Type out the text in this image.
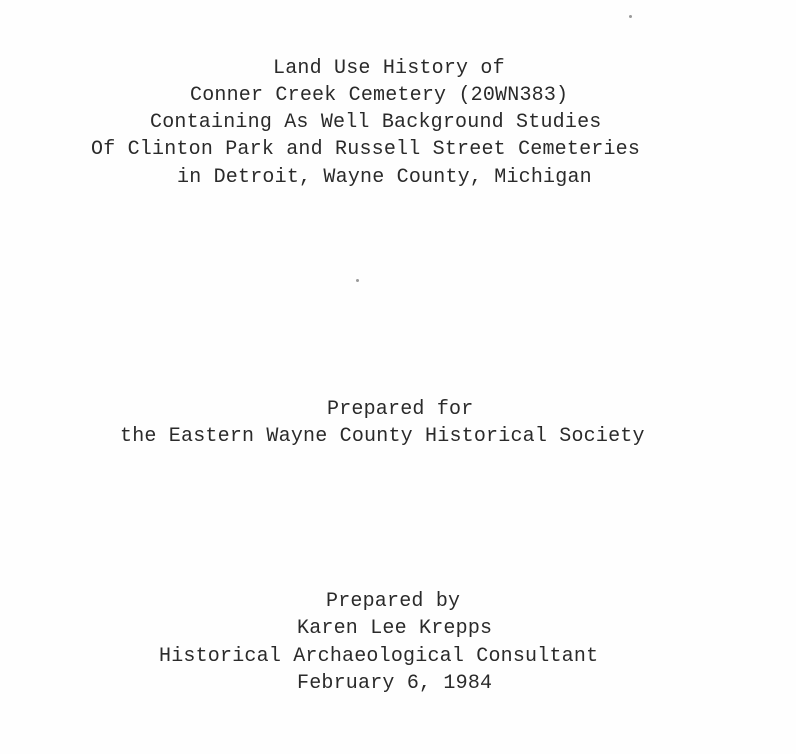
Land Use History of
Conner Creek Cemetery (20WN383)
Containing As Well Background Studies
Of Clinton Park and Russell Street Cemeteries
in Detroit, Wayne County, Michigan
Prepared for
the Eastern Wayne County Historical Society
Prepared by
Karen Lee Krepps
Historical Archaeological Consultant
February 6, 1984
